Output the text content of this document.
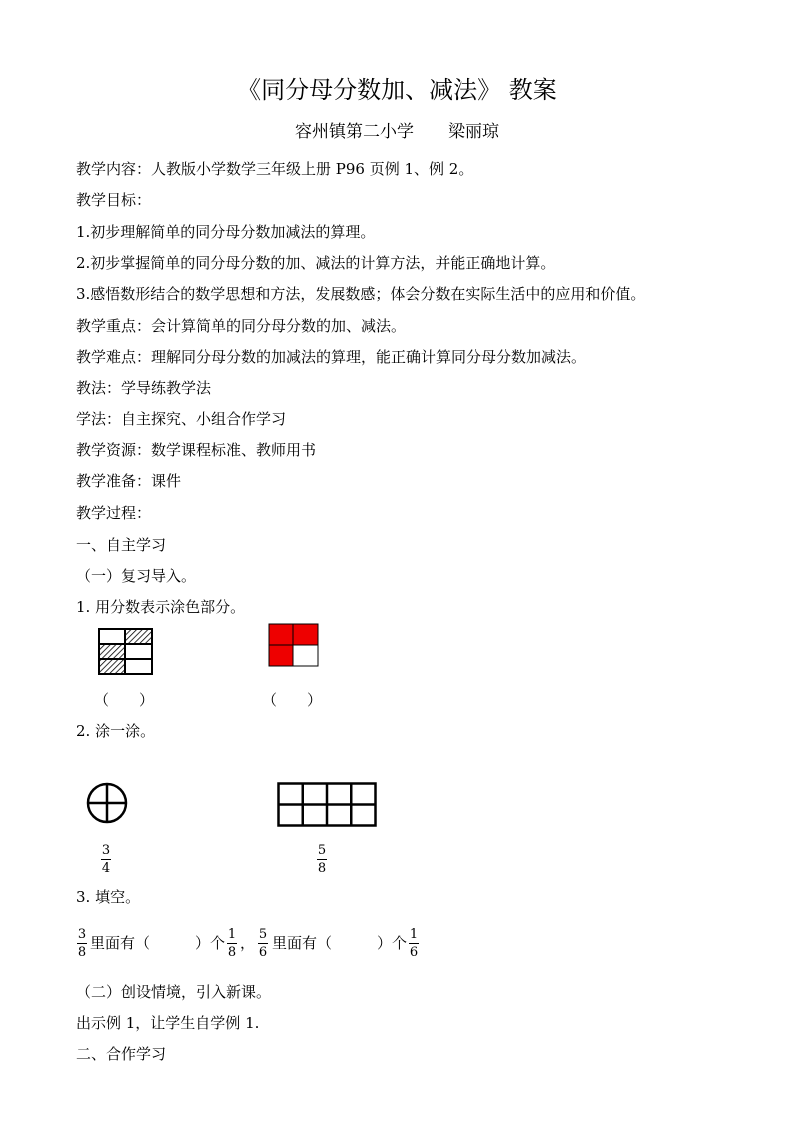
《同分母分数加、减法》 教案
容州镇第二小学　　梁丽琼
教学内容：人教版小学数学三年级上册 P96 页例 1、例 2。
教学目标：
1.初步理解简单的同分母分数加减法的算理。
2.初步掌握简单的同分母分数的加、减法的计算方法，并能正确地计算。
3.感悟数形结合的数学思想和方法，发展数感；体会分数在实际生活中的应用和价值。
教学重点：会计算简单的同分母分数的加、减法。
教学难点：理解同分母分数的加减法的算理，能正确计算同分母分数加减法。
教法：学导练教学法
学法：自主探究、小组合作学习
教学资源：数学课程标准、教师用书
教学准备：课件
教学过程：
一、自主学习
（一）复习导入。
1. 用分数表示涂色部分。
（　　）	（　　）
2. 涂一涂。
3
4
5
8
3. 填空。
3
8
里面有（　　　）个 1
8
， 5
6
里面有（　　　）个 1
6
（二）创设情境，引入新课。
出示例 1，让学生自学例 1.
二、合作学习
